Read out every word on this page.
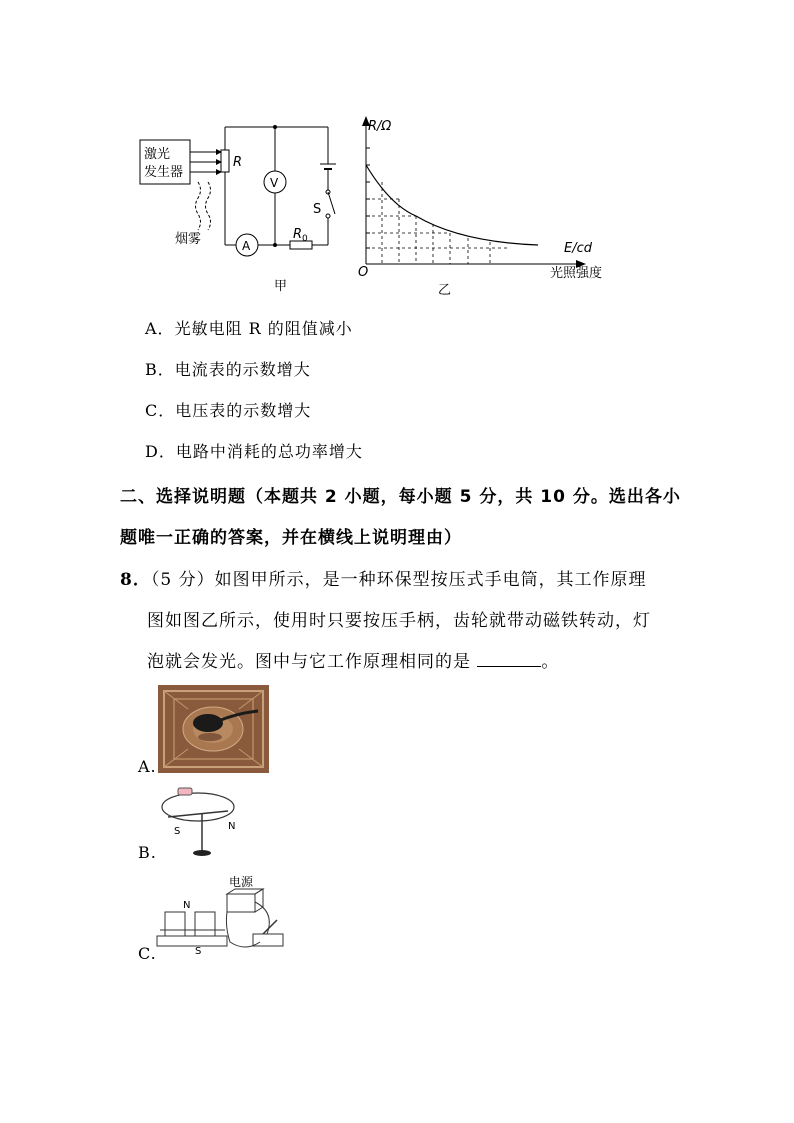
激光
发生器
烟雾
R
A
R 0
V
S
甲
R/Ω
E/cd
O	光照强度
乙
A．光敏电阻 R 的阻值减小
B．电流表的示数增大
C．电压表的示数增大
D．电路中消耗的总功率增大
二、选择说明题（本题共 2 小题，每小题 5 分，共 10 分。选出各小
题唯一正确的答案，并在横线上说明理由）
8．（5 分）如图甲所示，是一种环保型按压式手电筒，其工作原理
图如图乙所示，使用时只要按压手柄，齿轮就带动磁铁转动，灯
泡就会发光。图中与它工作原理相同的是	。
A.
S	N
B.
电源
N
S
C.
